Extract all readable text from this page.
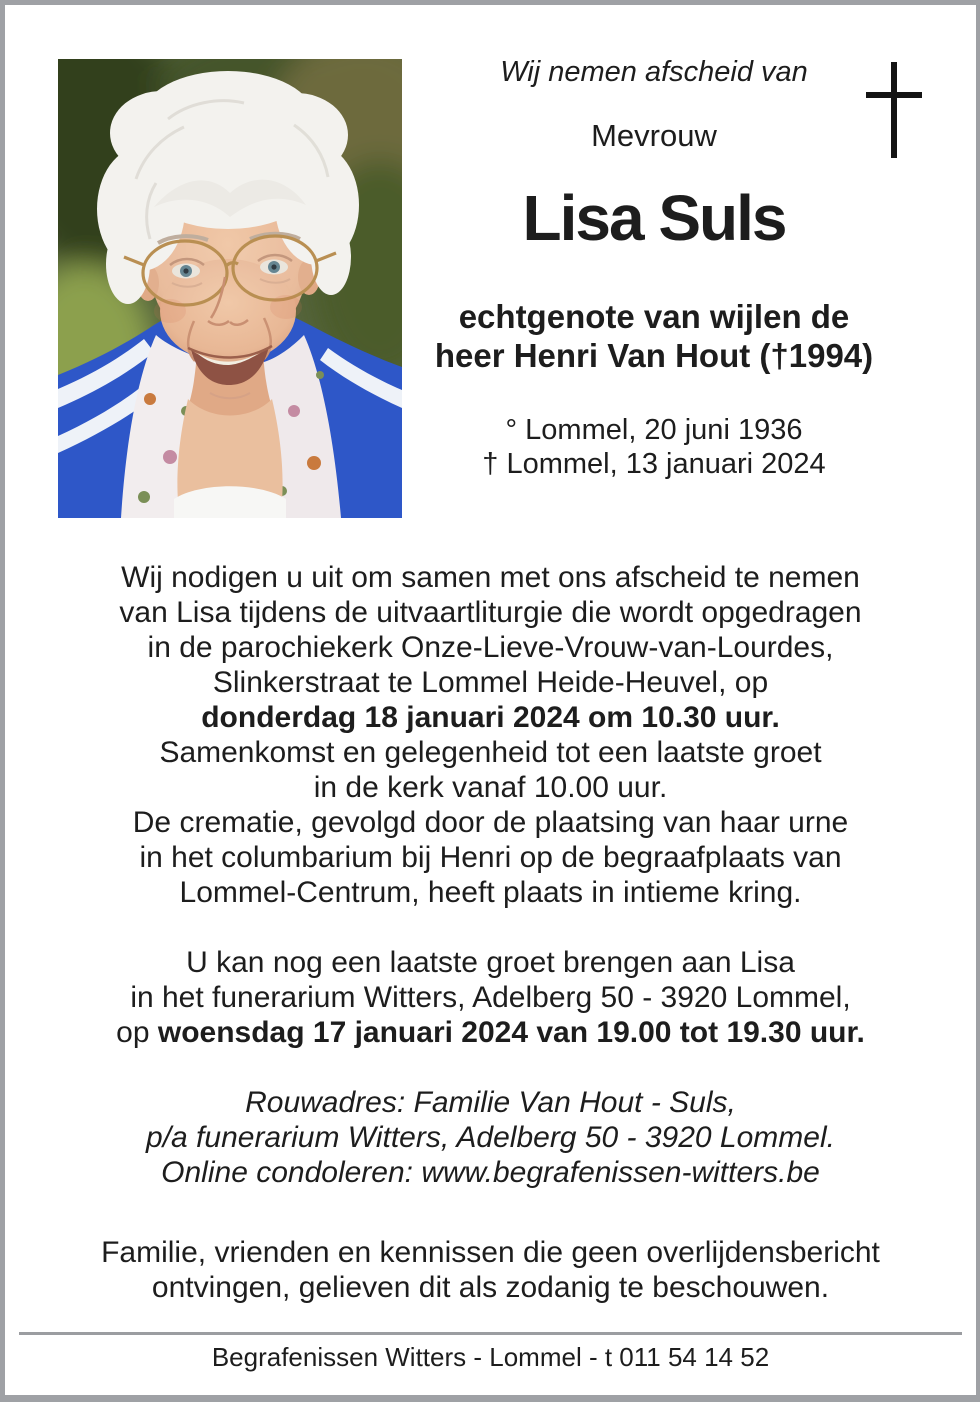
Wij nemen afscheid van
Mevrouw
Lisa Suls
echtgenote van wijlen de
heer Henri Van Hout (†1994)
° Lommel, 20 juni 1936
† Lommel, 13 januari 2024
Wij nodigen u uit om samen met ons afscheid te nemen
van Lisa tijdens de uitvaartliturgie die wordt opgedragen
in de parochiekerk Onze-Lieve-Vrouw-van-Lourdes,
Slinkerstraat te Lommel Heide-Heuvel, op
donderdag 18 januari 2024 om 10.30 uur.
Samenkomst en gelegenheid tot een laatste groet
in de kerk vanaf 10.00 uur.
De crematie, gevolgd door de plaatsing van haar urne
in het columbarium bij Henri op de begraafplaats van
Lommel-Centrum, heeft plaats in intieme kring.
U kan nog een laatste groet brengen aan Lisa
in het funerarium Witters, Adelberg 50 - 3920 Lommel,
op woensdag 17 januari 2024 van 19.00 tot 19.30 uur.
Rouwadres: Familie Van Hout - Suls,
p/a funerarium Witters, Adelberg 50 - 3920 Lommel.
Online condoleren: www.begrafenissen-witters.be
Familie, vrienden en kennissen die geen overlijdensbericht
ontvingen, gelieven dit als zodanig te beschouwen.
Begrafenissen Witters - Lommel - t 011 54 14 52
